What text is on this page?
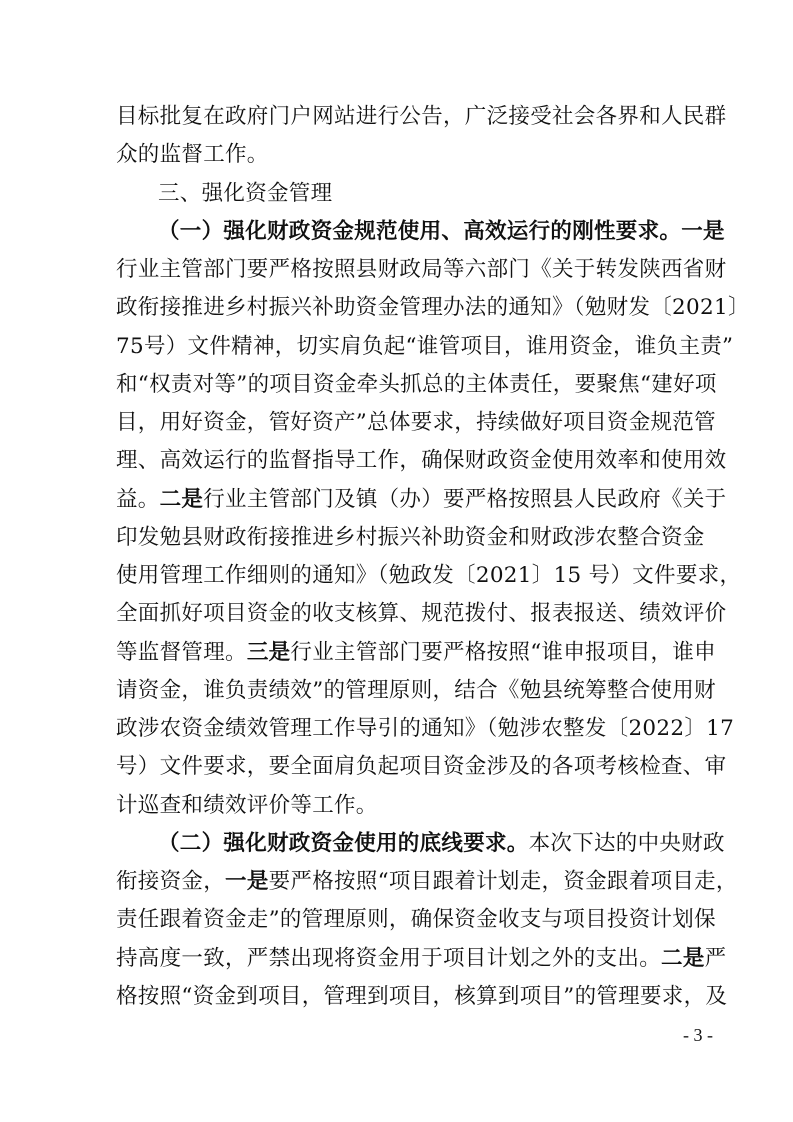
目标批复在政府门户网站进行公告，广泛接受社会各界和人民群
众的监督工作。
三、强化资金管理
（一）强化财政资金规范使用、高效运行的刚性要求。一是
行业主管部门要严格按照县财政局等六部门《关于转发陕西省财
政衔接推进乡村振兴补助资金管理办法的通知》（勉财发〔2021〕
75号）文件精神，切实肩负起“谁管项目，谁用资金，谁负主责”
和“权责对等”的项目资金牵头抓总的主体责任，要聚焦“建好项
目，用好资金，管好资产”总体要求，持续做好项目资金规范管
理、高效运行的监督指导工作，确保财政资金使用效率和使用效
益。二是行业主管部门及镇（办）要严格按照县人民政府《关于
印发勉县财政衔接推进乡村振兴补助资金和财政涉农整合资金
使用管理工作细则的通知》（勉政发〔2021〕15 号）文件要求，
全面抓好项目资金的收支核算、规范拨付、报表报送、绩效评价
等监督管理。三是行业主管部门要严格按照“谁申报项目，谁申
请资金，谁负责绩效”的管理原则，结合《勉县统筹整合使用财
政涉农资金绩效管理工作导引的通知》（勉涉农整发〔2022〕17
号）文件要求，要全面肩负起项目资金涉及的各项考核检查、审
计巡查和绩效评价等工作。
（二）强化财政资金使用的底线要求。本次下达的中央财政
衔接资金，一是要严格按照“项目跟着计划走，资金跟着项目走，
责任跟着资金走”的管理原则，确保资金收支与项目投资计划保
持高度一致，严禁出现将资金用于项目计划之外的支出。二是严
格按照“资金到项目，管理到项目，核算到项目”的管理要求，及
- 3 -
